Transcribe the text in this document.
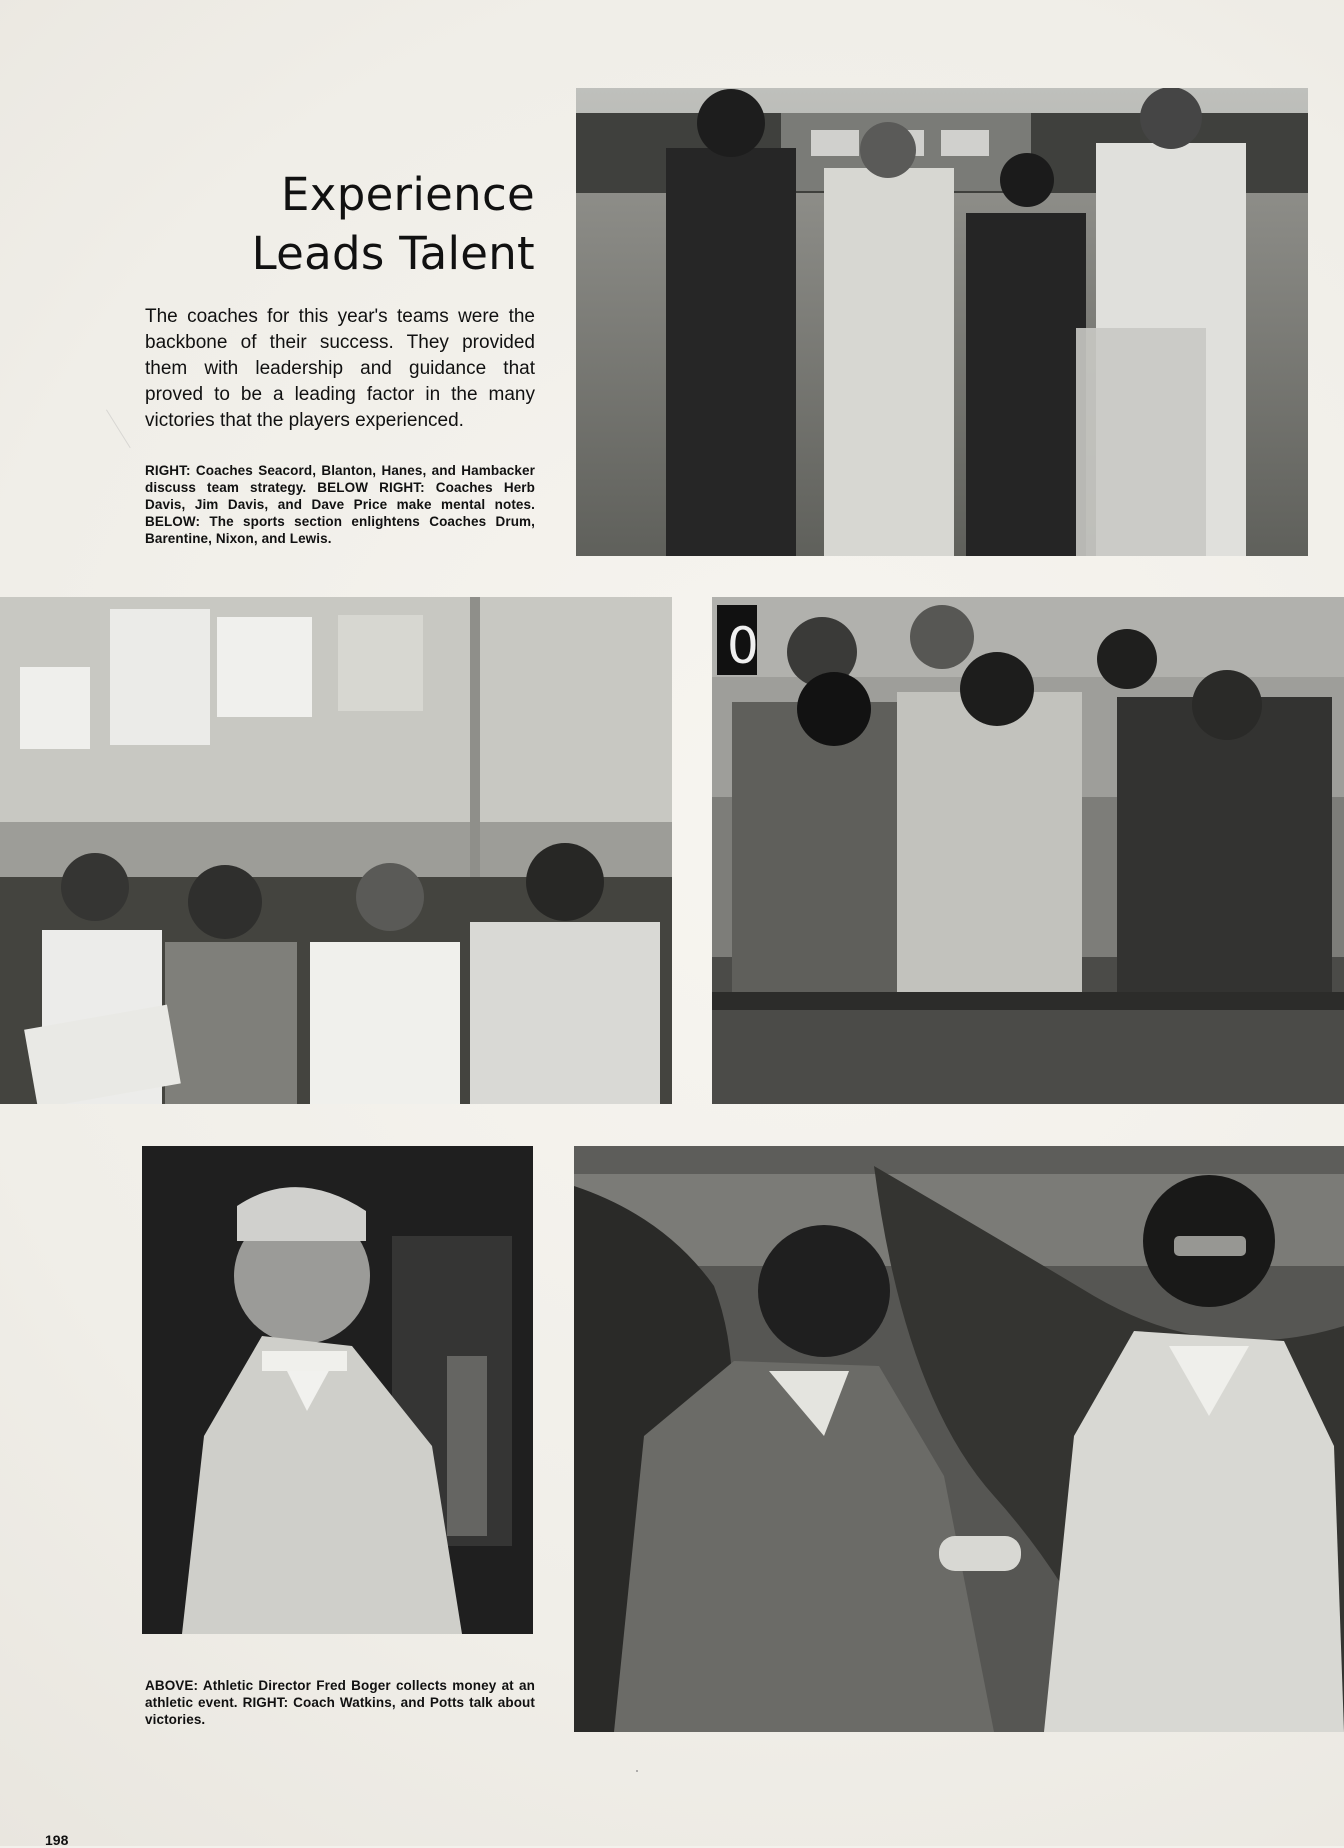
Experience
Leads Talent
The coaches for this year's teams were the backbone of their success. They provided them with leadership and guidance that proved to be a leading factor in the many victories that the players experienced.
RIGHT: Coaches Seacord, Blanton, Hanes, and Hambacker discuss team strategy. BELOW RIGHT: Coaches Herb Davis, Jim Davis, and Dave Price make mental notes. BELOW: The sports section enlightens Coaches Drum, Barentine, Nixon, and Lewis.
0
ABOVE: Athletic Director Fred Boger collects money at an athletic event. RIGHT: Coach Watkins, and Potts talk about victories.
198
